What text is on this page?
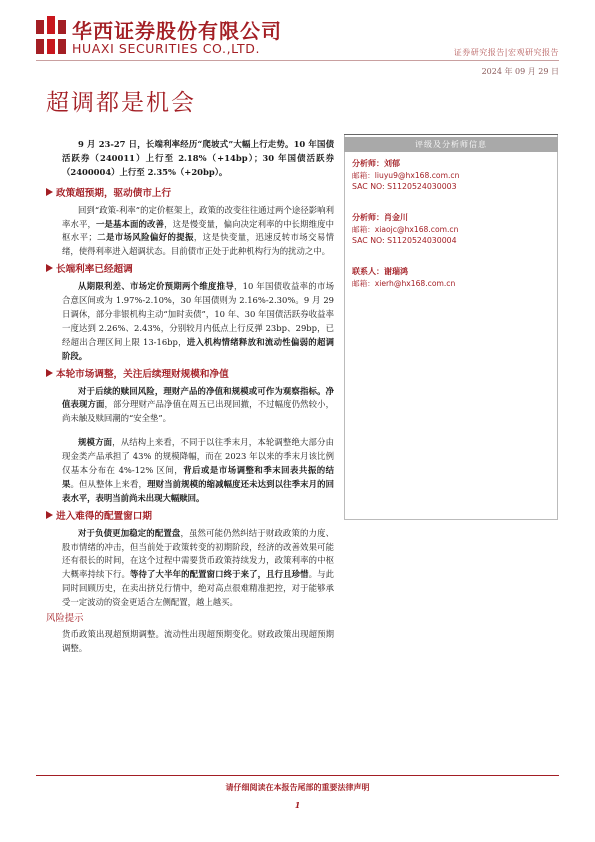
华西证券股份有限公司
HUAXI SECURITIES CO.,LTD.	证券研究报告|宏观研究报告
2024 年 09 月 29 日
超调都是机会

9 月 23-27 日，长端利率经历“爬坡式”大幅上行走势。10 年国债活跃券（240011）上行至 2.18%（+14bp）；30 年国债活跃券（2400004）上行至 2.35%（+20bp）。

政策超预期，驱动债市上行

回到“政策-利率”的定价框架上，政策的改变往往通过两个途径影响利率水平，一是基本面的改善，这是慢变量，偏向决定利率的中长期维度中枢水平；二是市场风险偏好的提振，这是快变量，迅速反转市场交易情绪，使得利率进入超调状态。目前债市正处于此种机构行为的扰动之中。

长端利率已经超调

从期限利差、市场定价预期两个维度推导，10 年国债收益率的市场合意区间或为 1.97%-2.10%，30 年国债则为 2.16%-2.30%。9 月 29 日调休，部分非银机构主动“加时卖债”，10 年、30 年国债活跃券收益率一度达到 2.26%、2.43%，分别较月内低点上行反弹 23bp、29bp，已经超出合理区间上限 13-16bp，进入机构情绪释放和流动性偏弱的超调阶段。

本轮市场调整，关注后续理财规模和净值

对于后续的赎回风险，理财产品的净值和规模或可作为观察指标。净值表现方面，部分理财产品净值在周五已出现回撤，不过幅度仍然较小，尚未触及赎回潮的“安全垫”。

规模方面，从结构上来看，不同于以往季末月，本轮调整绝大部分由现金类产品承担了 43% 的规模降幅，而在 2023 年以来的季末月该比例仅基本分布在 4%-12% 区间，背后或是市场调整和季末回表共振的结果。但从整体上来看，理财当前规模的缩减幅度还未达到以往季末月的回表水平，表明当前尚未出现大幅赎回。

进入难得的配置窗口期

对于负债更加稳定的配置盘，虽然可能仍然纠结于财政政策的力度、股市情绪的冲击，但当前处于政策转变的初期阶段，经济的改善效果可能还有很长的时间，在这个过程中需要货币政策持续发力，政策利率的中枢大概率持续下行。等待了大半年的配置窗口终于来了，且行且珍惜。与此同时回顾历史，在卖出挤兑行情中，绝对高点很难精准把控，对于能够承受一定波动的资金更适合左侧配置，越上越买。

风险提示

货币政策出现超预期调整。流动性出现超预期变化。财政政策出现超预期调整。

评级及分析师信息
分析师：刘郁
邮箱：liuyu9@hx168.com.cn
SAC NO: S1120524030003
分析师：肖金川
邮箱：xiaojc@hx168.com.cn
SAC NO: S1120524030004
联系人：谢瑞鸿
邮箱：xierh@hx168.com.cn
请仔细阅读在本报告尾部的重要法律声明
1
